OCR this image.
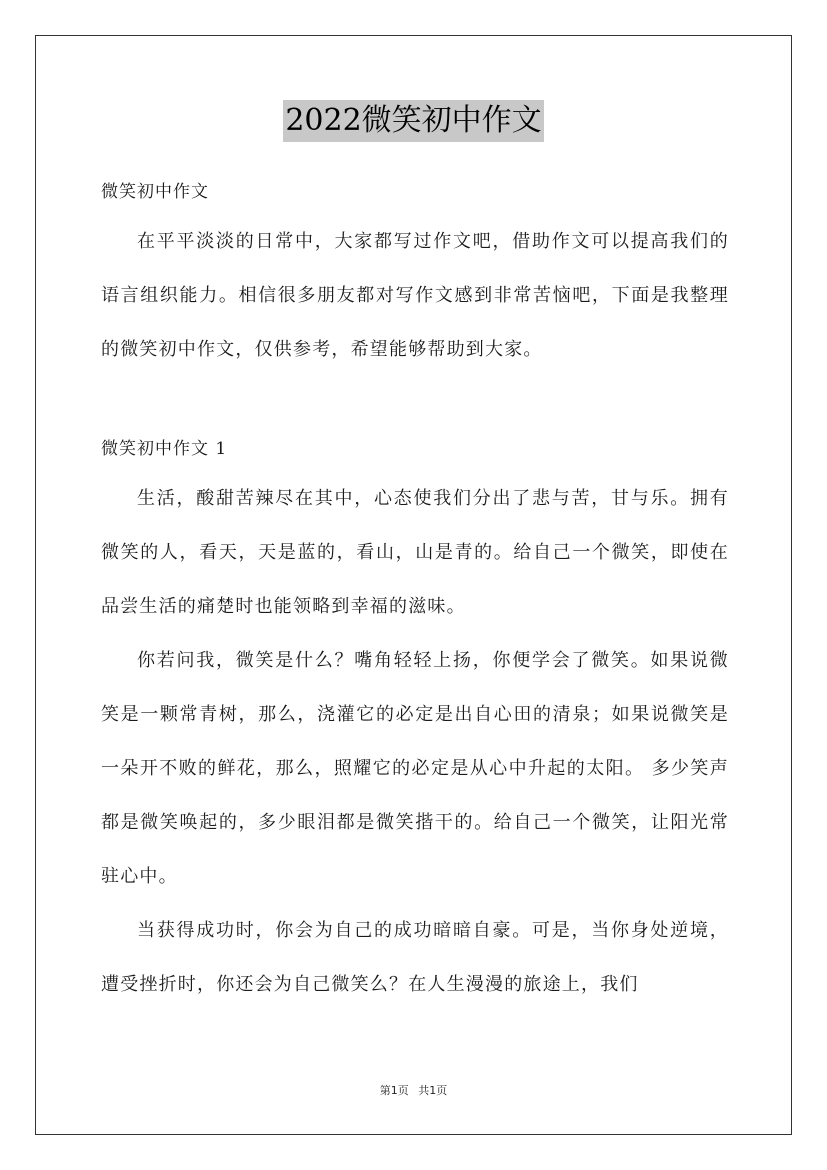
2022微笑初中作文

微笑初中作文

在平平淡淡的日常中，大家都写过作文吧，借助作文可以提高我们的语言组织能力。相信很多朋友都对写作文感到非常苦恼吧，下面是我整理的微笑初中作文，仅供参考，希望能够帮助到大家。

微笑初中作文 1

生活，酸甜苦辣尽在其中，心态使我们分出了悲与苦，甘与乐。拥有微笑的人，看天，天是蓝的，看山，山是青的。给自己一个微笑，即使在品尝生活的痛楚时也能领略到幸福的滋味。

你若问我，微笑是什么？嘴角轻轻上扬，你便学会了微笑。如果说微笑是一颗常青树，那么，浇灌它的必定是出自心田的清泉；如果说微笑是一朵开不败的鲜花，那么，照耀它的必定是从心中升起的太阳。 多少笑声都是微笑唤起的，多少眼泪都是微笑揩干的。给自己一个微笑，让阳光常驻心中。

当获得成功时，你会为自己的成功暗暗自豪。可是，当你身处逆境，遭受挫折时，你还会为自己微笑么？在人生漫漫的旅途上，我们

第1页 共1页
